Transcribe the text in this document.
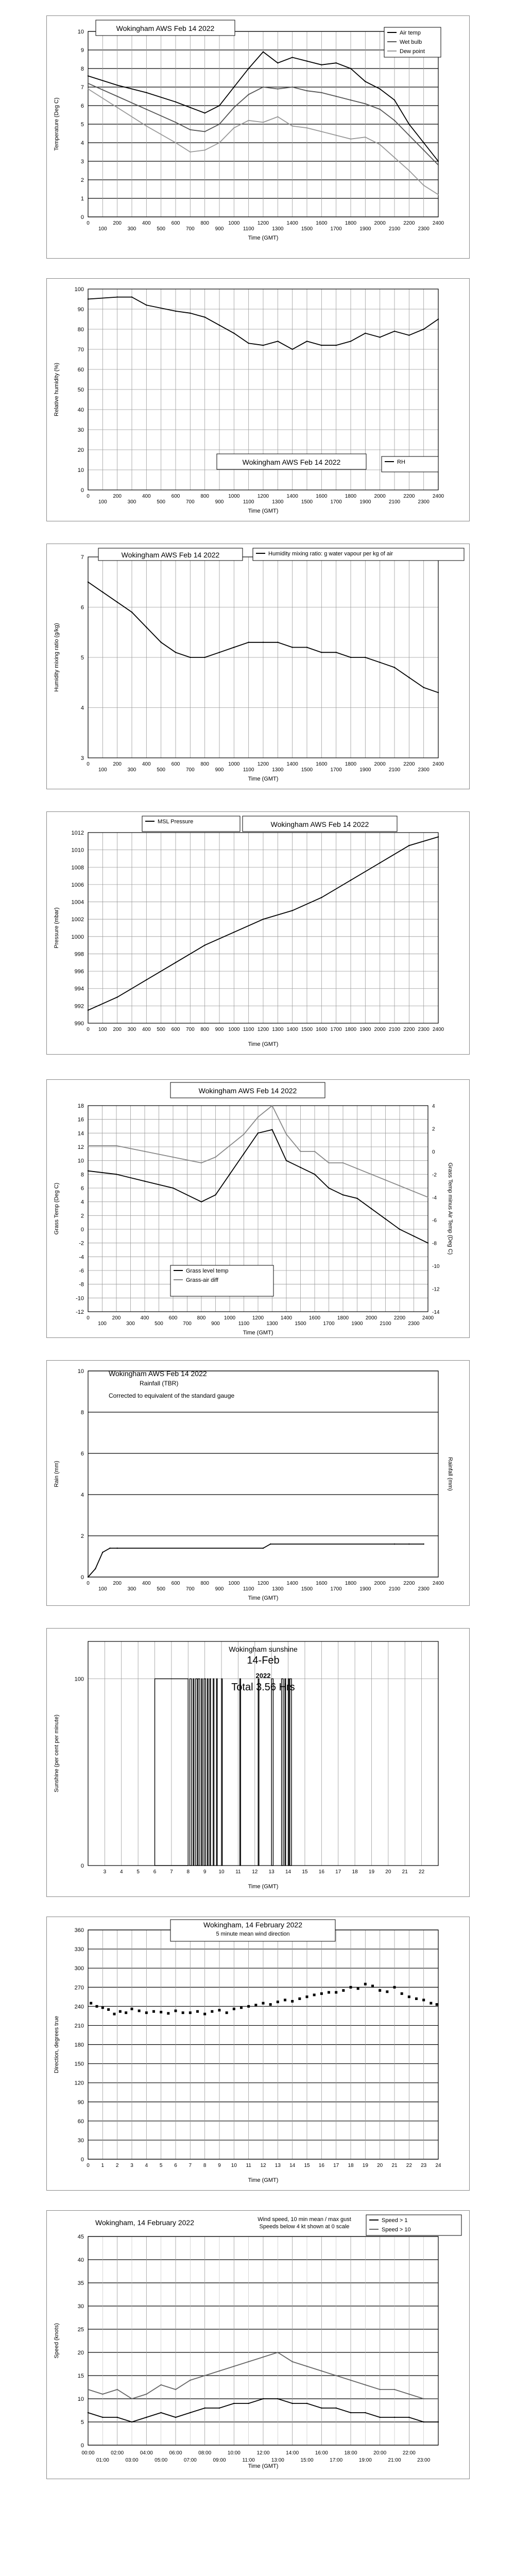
0
1
2
3
4
5
6
7
8
9
10
0
100
200
300
400
500
600
700
800
900
1000
1100
1200
1300
1400
1500
1600
1700
1800
1900
2000
2100
2200
2300
2400
Time (GMT)
Temperature (Deg C)
Wokingham AWS Feb 14 2022
Air temp
Wet bulb
Dew point
0
10
20
30
40
50
60
70
80
90
100
0
100
200
300
400
500
600
700
800
900
1000
1100
1200
1300
1400
1500
1600
1700
1800
1900
2000
2100
2200
2300
2400
Time (GMT)
Relative humidity (%)
Wokingham AWS Feb 14 2022	RH
3
4
5
6
7
0
100
200
300
400
500
600
700
800
900
1000
1100
1200
1300
1400
1500
1600
1700
1800
1900
2000
2100
2200
2300
2400
Time (GMT)
Humidity mixing ratio (g/kg)
Wokingham AWS Feb 14 2022	Humidity mixing ratio: g water vapour per kg of air
990
992
994
996
998
1000
1002
1004
1006
1008
1010
1012
0 100 200 300 400 500 600 700 800 900 1000 1100 1200 1300 1400 1500 1600 1700 1800 1900 2000 2100 2200 2300 2400
Time (GMT)
Pressure (mbar)
Wokingham AWS Feb 14 2022
MSL Pressure
-12
-10
-8
-6
-4
-2
0
2
4
6
8
10
12
14
16
18
0
100
200
300
400
500
600
700
800
900
1000
1100
1200
1300
1400
1500
1600
1700
1800
1900
2000
2100
2200
2300
2400
Time (GMT)
Grass Temp (Deg C)
-14
-12
-10
-8
-6
-4
-2
0
2
4
Grass Temp minus Air Temp (Deg C)
Wokingham AWS Feb 14 2022
Grass level temp
Grass-air diff
0
2
4
6
8
10
0
100
200
300
400
500
600
700
800
900
1000
1100
1200
1300
1400
1500
1600
1700
1800
1900
2000
2100
2200
2300
2400
Time (GMT)
Rain (mm)
Wokingham AWS Feb 14 2022
Rainfall (TBR)
Corrected to equivalent of the standard gauge
Rainfall (mm)
0
100
3	4	5	6	7	8	9 10 11 12 13 14 15 16 17 18 19 20 21 22
Time (GMT)
Sunshine (per cent per minute)
Wokingham sunshine
14-Feb
2022
Total 3.56 Hrs
0
30
60
90
120
150
180
210
240
270
300
330
360
0 1 2 3 4 5 6 7 8 9 10 11 12 13 14 15 16 17 18 19 20 21 22 23 24
Time (GMT)
Direction, degrees true
Wokingham, 14 February 2022
5 minute mean wind direction
0
5
10
15
20
25
30
35
40
45
00:00	02:00	04:00	06:00	08:00	10:00	12:00	14:00	16:00	18:00	20:00	22:00
01:00	03:00	05:00	07:00	09:00	11:00	13:00	15:00	17:00	19:00	21:00	23:00
Time (GMT)
Speed (knots)
Wokingham, 14 February 2022	Wind speed, 10 min mean / max gust
Speeds below 4 kt shown at 0 scale
Speed > 1
Speed > 10
